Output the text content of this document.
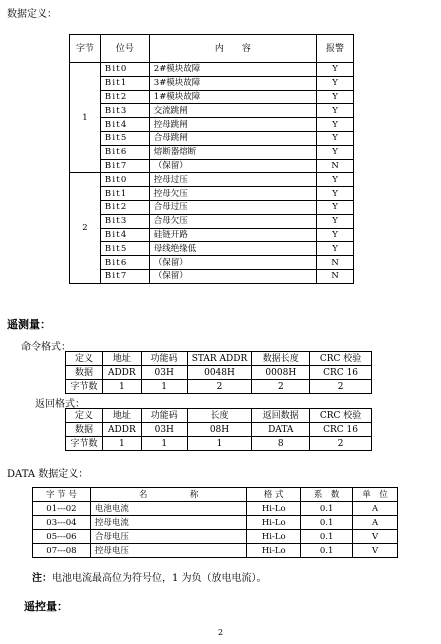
数据定义：
字节	位号	内　　容	报警
1	Bit0	2#模块故障	Y
	Bit1	3#模块故障	Y
	Bit2	1#模块故障	Y
	Bit3	交流跳闸	Y
	Bit4	控母跳闸	Y
	Bit5	合母跳闸	Y
	Bit6	熔断器熔断	Y
	Bit7	（保留）	N
2	Bit0	控母过压	Y
	Bit1	控母欠压	Y
	Bit2	合母过压	Y
	Bit3	合母欠压	Y
	Bit4	硅链开路	Y
	Bit5	母线绝缘低	Y
	Bit6	（保留）	N
	Bit7	（保留）	N
遥测量：
命令格式：
定义	地址	功能码	STAR ADDR	数据长度	CRC 校验
数据	ADDR	03H	0048H	0008H	CRC 16
字节数	1	1	2	2	2
返回格式：
定义	地址	功能码	长度	返回数据	CRC 校验
数据	ADDR	03H	08H	DATA	CRC 16
字节数	1	1	1	8	2
DATA 数据定义：
字 节 号	名　　　　　称	格 式	系　数	单　位
01---02	电池电流	Hi-Lo	0.1	A
03---04	控母电流	Hi-Lo	0.1	A
05---06	合母电压	Hi-Lo	0.1	V
07---08	控母电压	Hi-Lo	0.1	V
注：电池电流最高位为符号位，1 为负（放电电流）。
遥控量：
2
